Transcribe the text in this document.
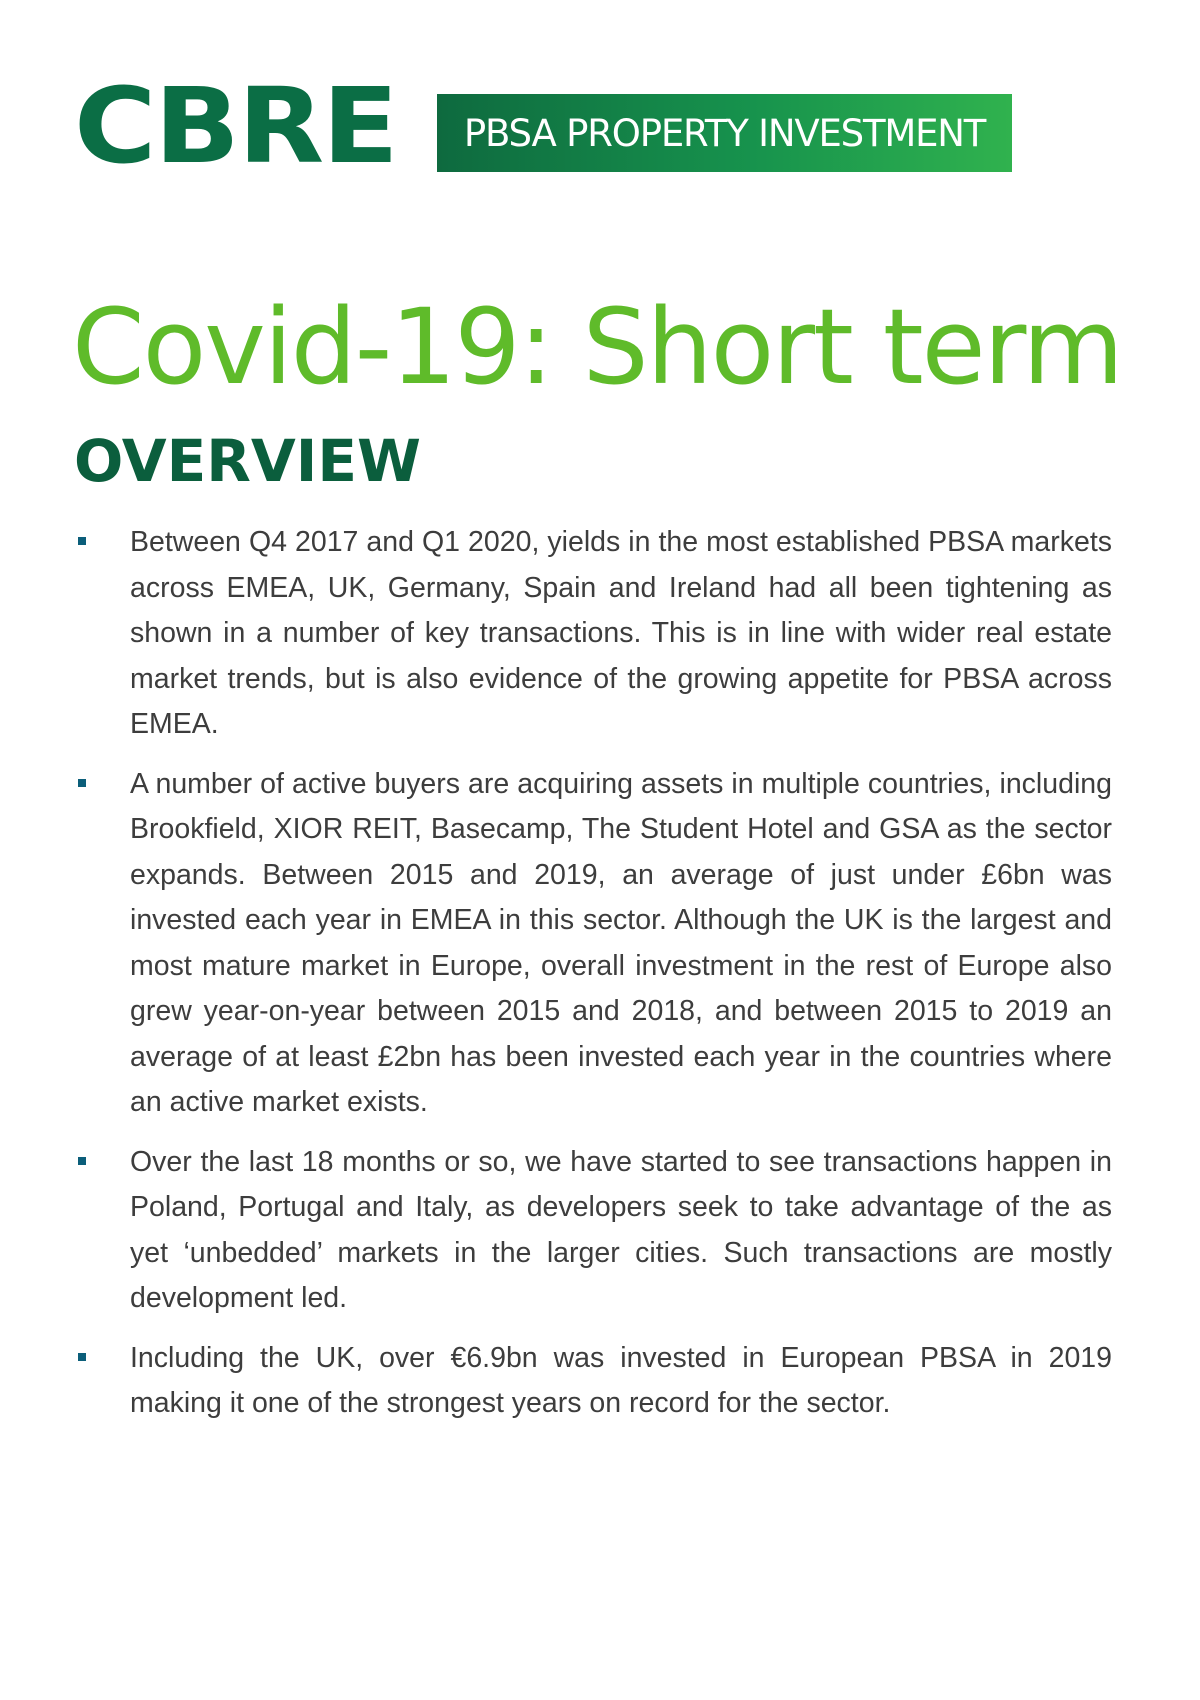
CBRE PBSA PROPERTY INVESTMENT
Covid-19: Short term
OVERVIEW

Between Q4 2017 and Q1 2020, yields in the most established PBSA markets across EMEA, UK, Germany, Spain and Ireland had all been tightening as shown in a number of key transactions. This is in line with wider real estate market trends, but is also evidence of the growing appetite for PBSA across EMEA.

A number of active buyers are acquiring assets in multiple countries, including Brookfield, XIOR REIT, Basecamp, The Student Hotel and GSA as the sector expands. Between 2015 and 2019, an average of just under £6bn was invested each year in EMEA in this sector. Although the UK is the largest and most mature market in Europe, overall investment in the rest of Europe also grew year-on-year between 2015 and 2018, and between 2015 to 2019 an average of at least £2bn has been invested each year in the countries where an active market exists.

Over the last 18 months or so, we have started to see transactions happen in Poland, Portugal and Italy, as developers seek to take advantage of the as yet ‘unbedded’ markets in the larger cities. Such transactions are mostly development led.

Including the UK, over €6.9bn was invested in European PBSA in 2019 making it one of the strongest years on record for the sector.
